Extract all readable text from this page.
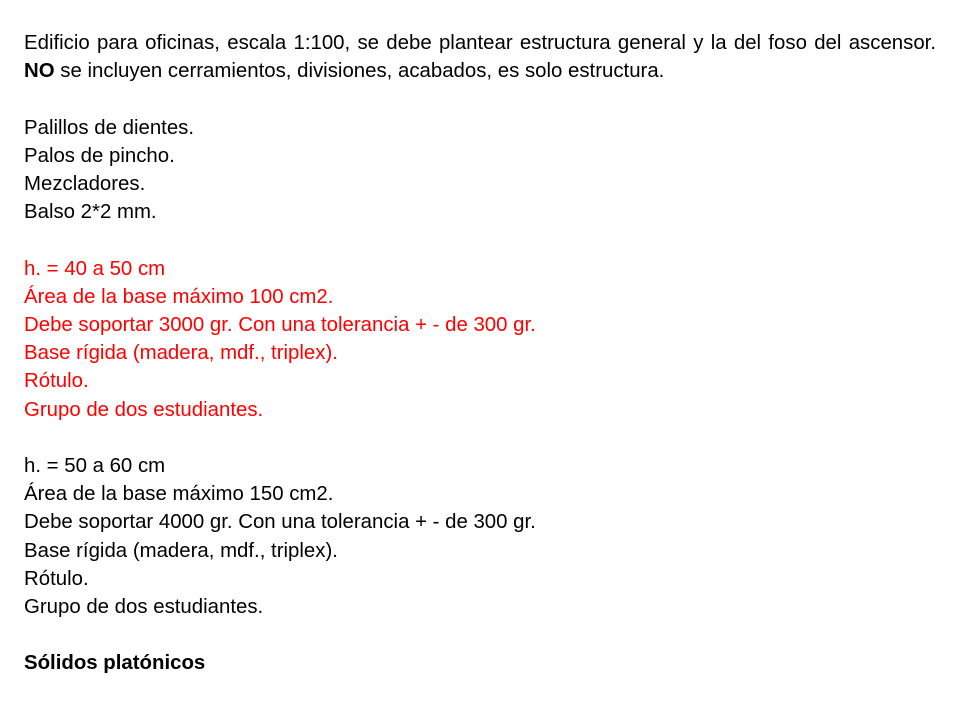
Edificio para oficinas, escala 1:100, se debe plantear estructura general y la del foso del ascensor. NO se incluyen cerramientos, divisiones, acabados, es solo estructura.

Palillos de dientes.
Palos de pincho.
Mezcladores.
Balso 2*2 mm.
h. = 40 a 50 cm
Área de la base máximo 100 cm2.
Debe soportar 3000 gr. Con una tolerancia + - de 300 gr.
Base rígida (madera, mdf., triplex).
Rótulo.
Grupo de dos estudiantes.
h. = 50 a 60 cm
Área de la base máximo 150 cm2.
Debe soportar 4000 gr. Con una tolerancia + - de 300 gr.
Base rígida (madera, mdf., triplex).
Rótulo.
Grupo de dos estudiantes.

Sólidos platónicos
